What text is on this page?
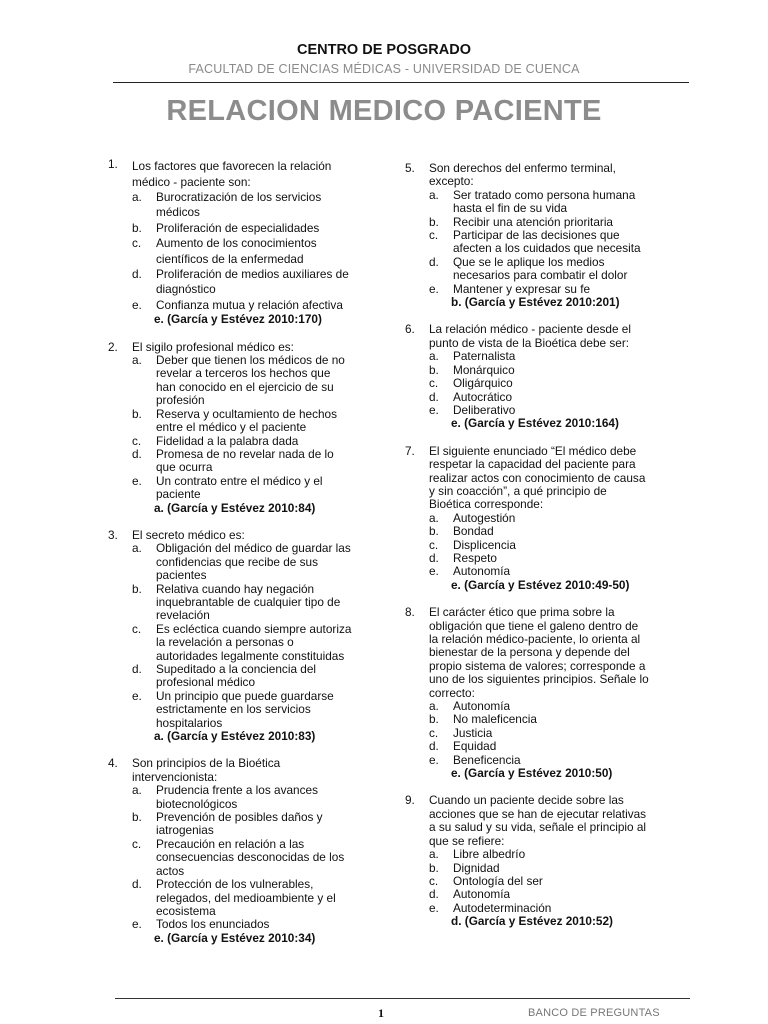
CENTRO DE POSGRADO
FACULTAD DE CIENCIAS MÉDICAS - UNIVERSIDAD DE CUENCA
RELACION MEDICO PACIENTE
1. Los factores que favorecen la relación médico - paciente son:
a. Burocratización de los servicios médicos
b. Proliferación de especialidades
c. Aumento de los conocimientos científicos de la enfermedad
d. Proliferación de medios auxiliares de diagnóstico
e. Confianza mutua y relación afectiva
e. (García y Estévez 2010:170)
2. El sigilo profesional médico es:
a. Deber que tienen los médicos de no revelar a terceros los hechos que han conocido en el ejercicio de su profesión
b. Reserva y ocultamiento de hechos entre el médico y el paciente
c. Fidelidad a la palabra dada
d. Promesa de no revelar nada de lo que ocurra
e. Un contrato entre el médico y el paciente
a. (García y Estévez 2010:84)
3. El secreto médico es:
a. Obligación del médico de guardar las confidencias que recibe de sus pacientes
b. Relativa cuando hay negación inquebrantable de cualquier tipo de revelación
c. Es ecléctica cuando siempre autoriza la revelación a personas o autoridades legalmente constituidas
d. Supeditado a la conciencia del profesional médico
e. Un principio que puede guardarse estrictamente en los servicios hospitalarios
a. (García y Estévez 2010:83)
4. Son principios de la Bioética intervencionista:
a. Prudencia frente a los avances biotecnológicos
b. Prevención de posibles daños y iatrogenias
c. Precaución en relación a las consecuencias desconocidas de los actos
d. Protección de los vulnerables, relegados, del medioambiente y el ecosistema
e. Todos los enunciados
e. (García y Estévez 2010:34)
5. Son derechos del enfermo terminal, excepto:
a. Ser tratado como persona humana hasta el fin de su vida
b. Recibir una atención prioritaria
c. Participar de las decisiones que afecten a los cuidados que necesita
d. Que se le aplique los medios necesarios para combatir el dolor
e. Mantener y expresar su fe
b. (García y Estévez 2010:201)
6. La relación médico - paciente desde el punto de vista de la Bioética debe ser:
a. Paternalista
b. Monárquico
c. Oligárquico
d. Autocrático
e. Deliberativo
e. (García y Estévez 2010:164)
7. El siguiente enunciado “El médico debe respetar la capacidad del paciente para realizar actos con conocimiento de causa y sin coacción”, a qué principio de Bioética corresponde:
a. Autogestión
b. Bondad
c. Displicencia
d. Respeto
e. Autonomía
e. (García y Estévez 2010:49-50)
8. El carácter ético que prima sobre la obligación que tiene el galeno dentro de la relación médico-paciente, lo orienta al bienestar de la persona y depende del propio sistema de valores; corresponde a uno de los siguientes principios. Señale lo correcto:
a. Autonomía
b. No maleficencia
c. Justicia
d. Equidad
e. Beneficencia
e. (García y Estévez 2010:50)
9. Cuando un paciente decide sobre las acciones que se han de ejecutar relativas a su salud y su vida, señale el principio al que se refiere:
a. Libre albedrío
b. Dignidad
c. Ontología del ser
d. Autonomía
e. Autodeterminación
d. (García y Estévez 2010:52)
1	BANCO DE PREGUNTAS
